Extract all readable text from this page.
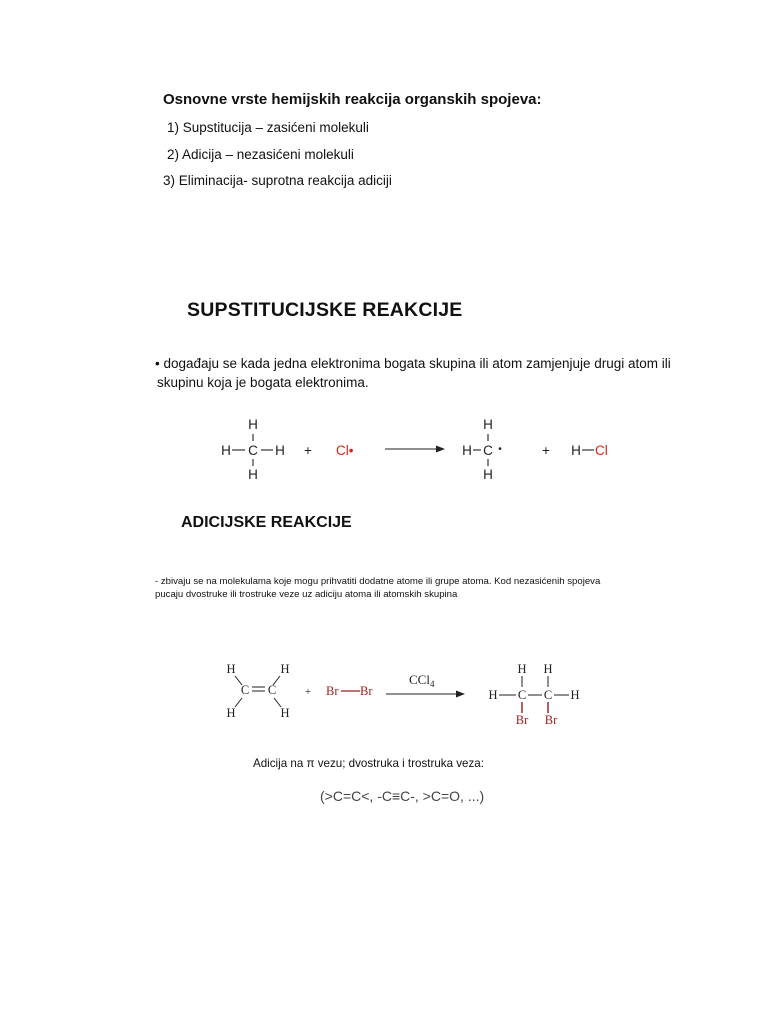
Osnovne vrste hemijskih reakcija organskih spojeva:
1) Supstitucija – zasićeni molekuli
2) Adicija – nezasićeni molekuli
3) Eliminacija- suprotna reakcija adiciji
SUPSTITUCIJSKE REAKCIJE
• događaju se kada jedna elektronima bogata skupina ili atom zamjenjuje drugi atom ili skupinu koja je bogata elektronima.
H
H C H
H
+ Cl•
H
H C •
H
+ H Cl
ADICIJSKE REAKCIJE
- zbivaju se na molekulama koje mogu prihvatiti dodatne atome ili grupe atoma. Kod nezasićenih spojeva pucaju dvostruke ili trostruke veze uz adiciju atoma ili atomskih skupina
H	H
C C
H	H
+ Br Br
CCl$_4$
H H
H C C H
Br Br
Adicija na π vezu; dvostruka i trostruka veza:
(>C=C<, -C≡C-, >C=O, ...)
